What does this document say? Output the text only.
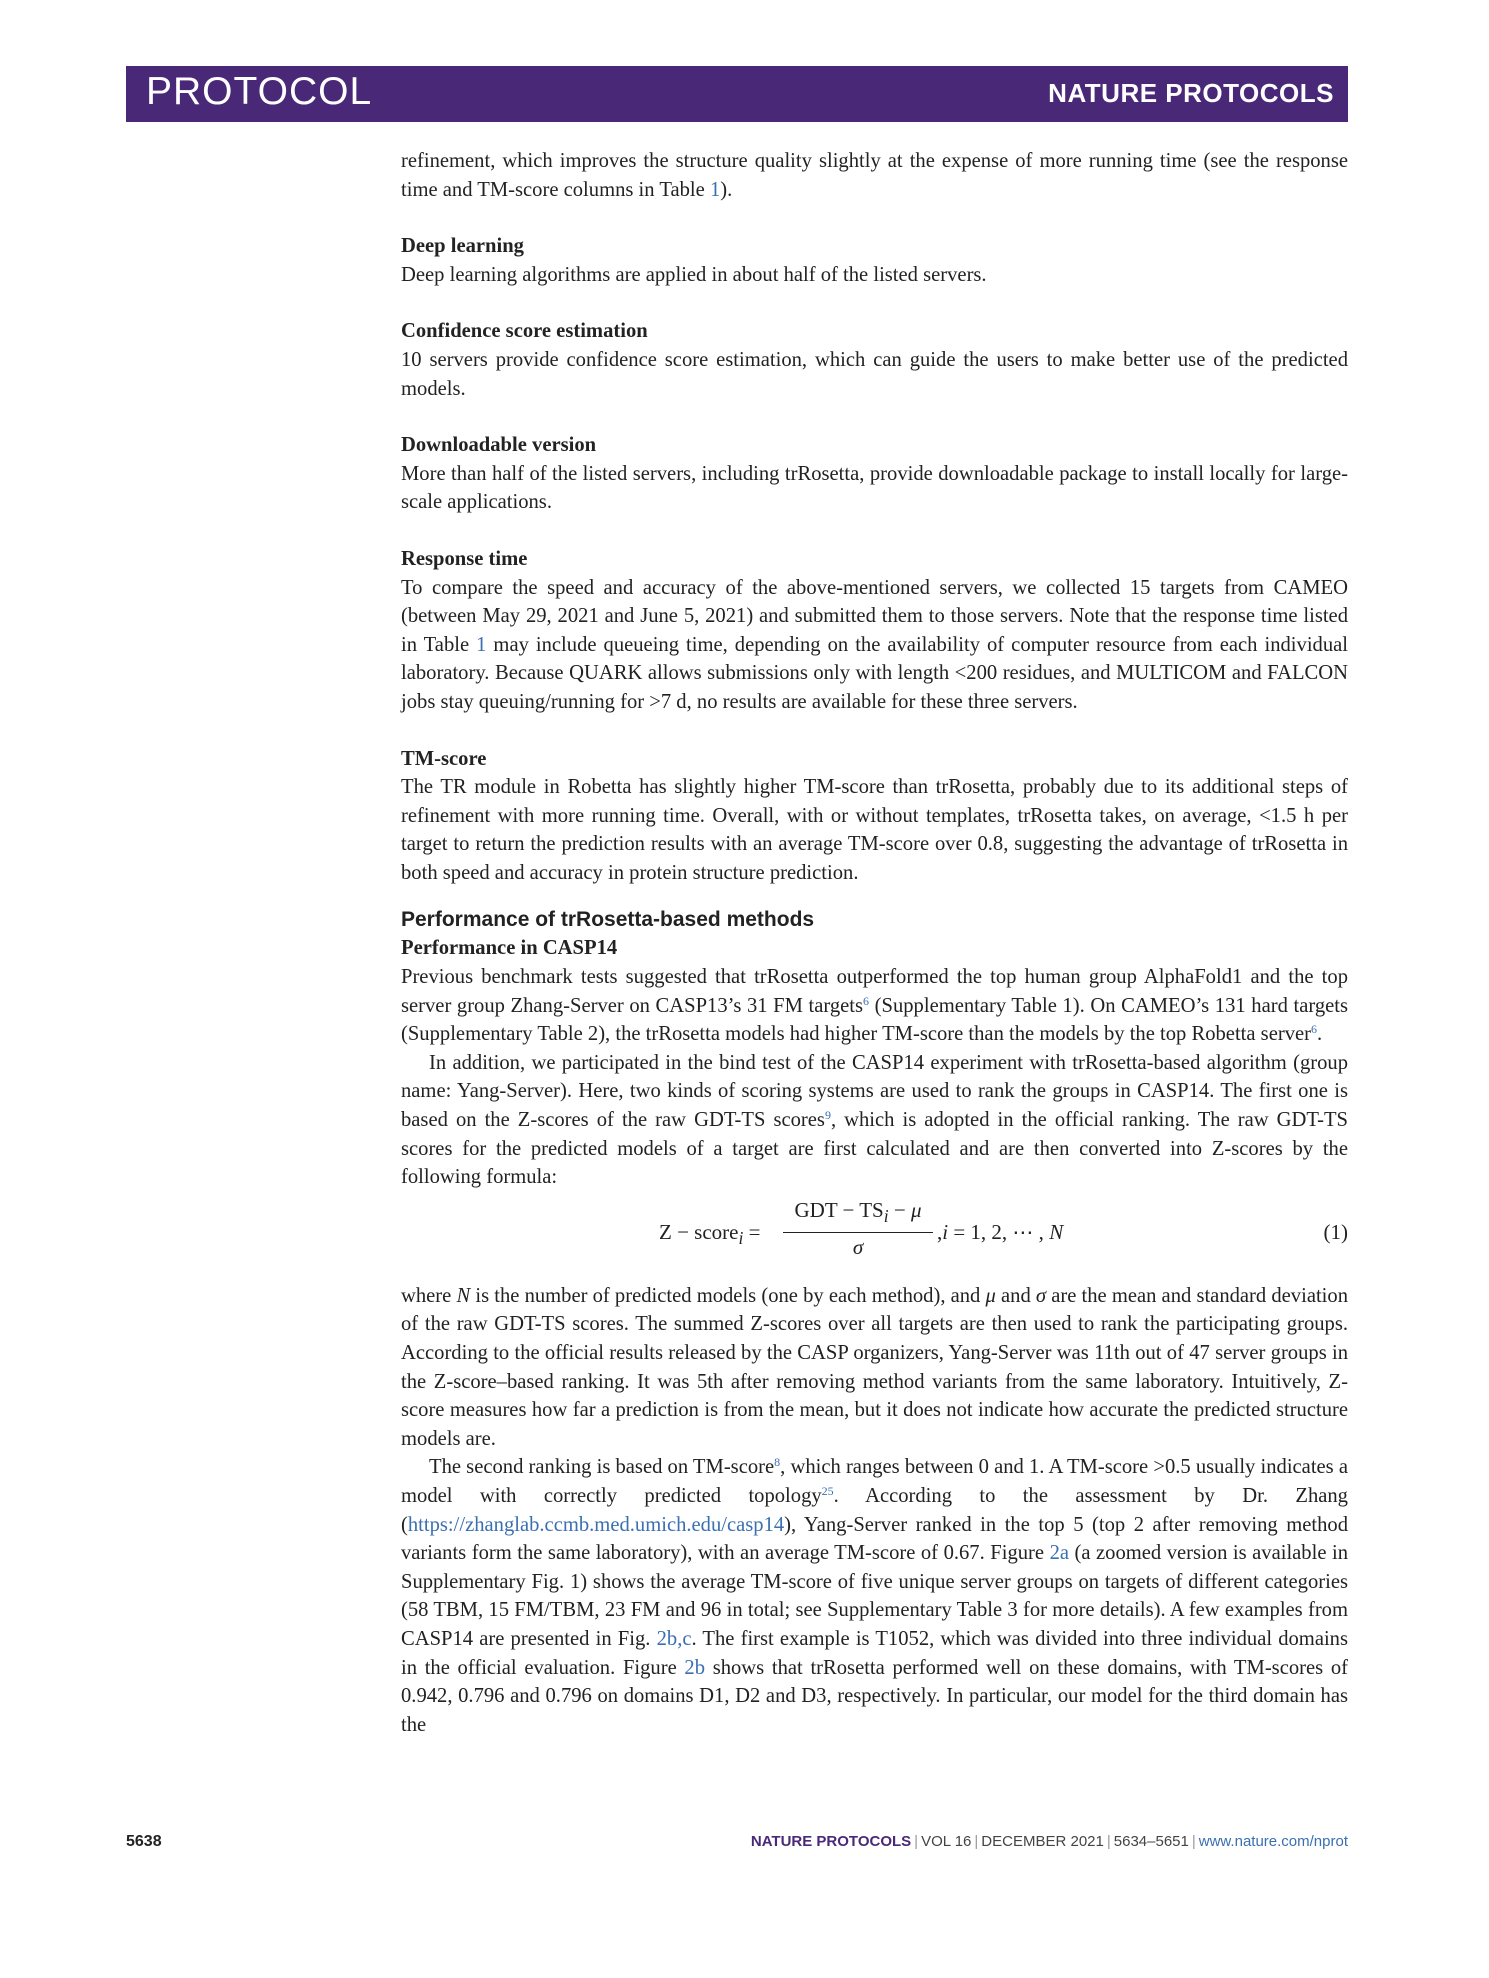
PROTOCOL	NATURE PROTOCOLS

refinement, which improves the structure quality slightly at the expense of more running time (see the response time and TM-score columns in Table 1).

Deep learning

Deep learning algorithms are applied in about half of the listed servers.

Confidence score estimation

10 servers provide confidence score estimation, which can guide the users to make better use of the predicted models.

Downloadable version

More than half of the listed servers, including trRosetta, provide downloadable package to install locally for large-scale applications.

Response time

To compare the speed and accuracy of the above-mentioned servers, we collected 15 targets from CAMEO (between May 29, 2021 and June 5, 2021) and submitted them to those servers. Note that the response time listed in Table 1 may include queueing time, depending on the availability of computer resource from each individual laboratory. Because QUARK allows submissions only with length <200 residues, and MULTICOM and FALCON jobs stay queuing/running for >7 d, no results are available for these three servers.

TM-score

The TR module in Robetta has slightly higher TM-score than trRosetta, probably due to its additional steps of refinement with more running time. Overall, with or without templates, trRosetta takes, on average, <1.5 h per target to return the prediction results with an average TM-score over 0.8, suggesting the advantage of trRosetta in both speed and accuracy in protein structure prediction.

Performance of trRosetta-based methods

Performance in CASP14

Previous benchmark tests suggested that trRosetta outperformed the top human group AlphaFold1 and the top server group Zhang-Server on CASP13’s 31 FM targets$^6$ (Supplementary Table 1). On CAMEO’s 131 hard targets (Supplementary Table 2), the trRosetta models had higher TM-score than the models by the top Robetta server$^6$.

In addition, we participated in the bind test of the CASP14 experiment with trRosetta-based algorithm (group name: Yang-Server). Here, two kinds of scoring systems are used to rank the groups in CASP14. The first one is based on the Z-scores of the raw GDT-TS scores$^9$, which is adopted in the official ranking. The raw GDT-TS scores for the predicted models of a target are first calculated and are then converted into Z-scores by the following formula:

Z − score$_i$ =
GDT − $TS_i - \mu$
σ
,i = 1, 2, ⋯ , N	(1)

where N is the number of predicted models (one by each method), and μ and σ are the mean and standard deviation of the raw GDT-TS scores. The summed Z-scores over all targets are then used to rank the participating groups. According to the official results released by the CASP organizers, Yang-Server was 11th out of 47 server groups in the Z-score–based ranking. It was 5th after removing method variants from the same laboratory. Intuitively, Z-score measures how far a prediction is from the mean, but it does not indicate how accurate the predicted structure models are.

The second ranking is based on TM-score$^8$, which ranges between 0 and 1. A TM-score >0.5 usually indicates a model with correctly predicted topology$^{25}$. According to the assessment by Dr. Zhang (https://zhanglab.ccmb.med.umich.edu/casp14), Yang-Server ranked in the top 5 (top 2 after removing method variants form the same laboratory), with an average TM-score of 0.67. Figure 2a (a zoomed version is available in Supplementary Fig. 1) shows the average TM-score of five unique server groups on targets of different categories (58 TBM, 15 FM/TBM, 23 FM and 96 in total; see Supplementary Table 3 for more details). A few examples from CASP14 are presented in Fig. 2b,c. The first example is T1052, which was divided into three individual domains in the official evaluation. Figure 2b shows that trRosetta performed well on these domains, with TM-scores of 0.942, 0.796 and 0.796 on domains D1, D2 and D3, respectively. In particular, our model for the third domain has the

5638	NATURE PROTOCOLS | VOL 16 | DECEMBER 2021 | 5634–5651 | www.nature.com/nprot
